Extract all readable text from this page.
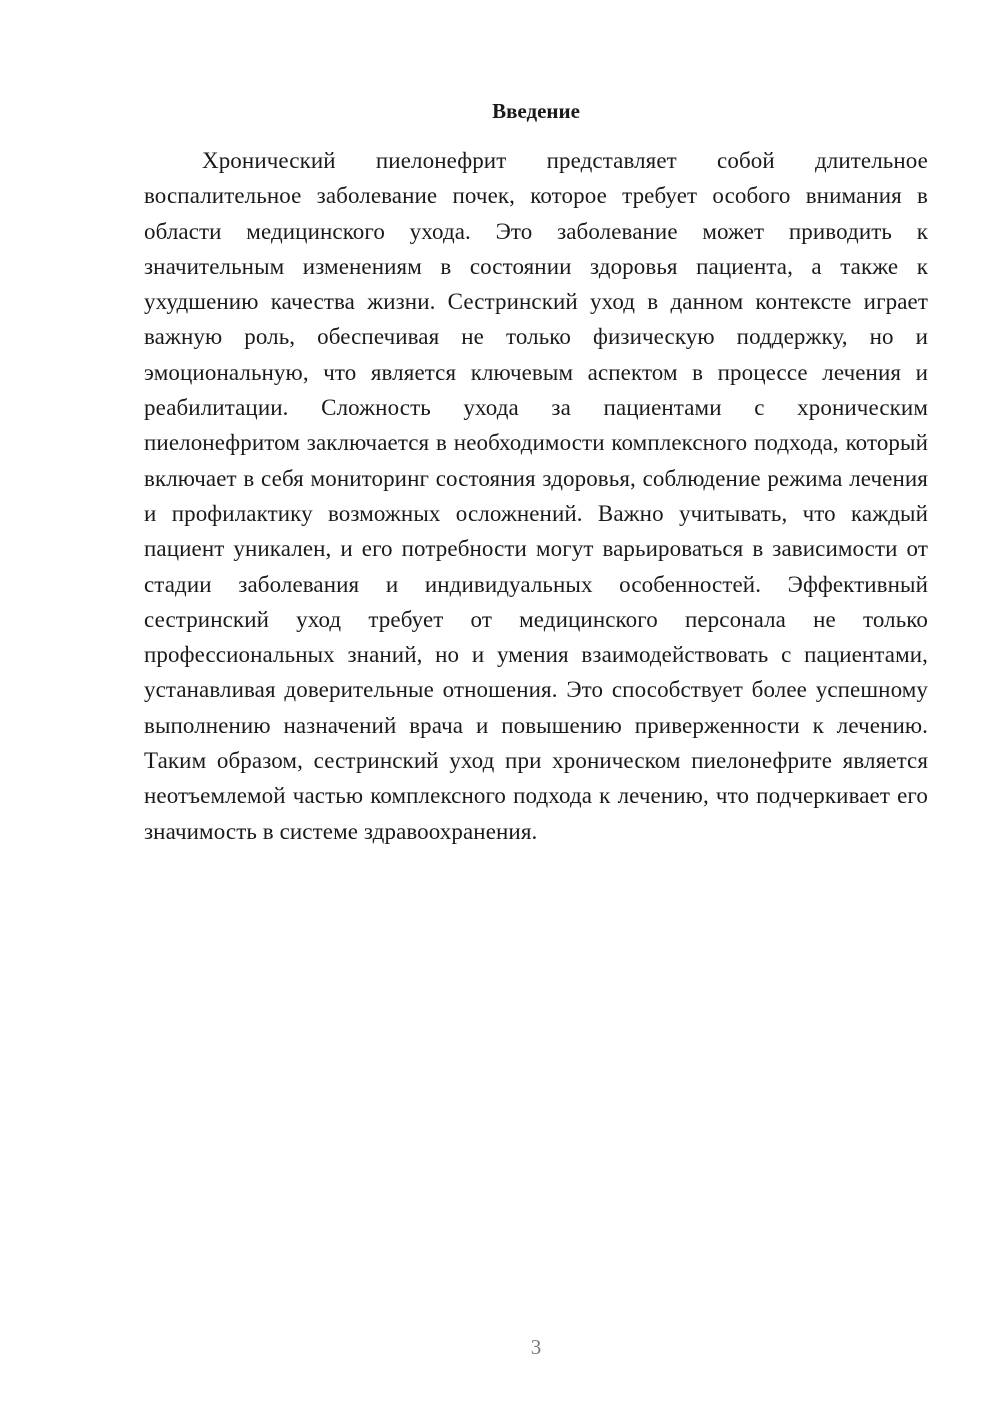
Введение

Хронический пиелонефрит представляет собой длительное воспалительное заболевание почек, которое требует особого внимания в области медицинского ухода. Это заболевание может приводить к значительным изменениям в состоянии здоровья пациента, а также к ухудшению качества жизни. Сестринский уход в данном контексте играет важную роль, обеспечивая не только физическую поддержку, но и эмоциональную, что является ключевым аспектом в процессе лечения и реабилитации. Сложность ухода за пациентами с хроническим пиелонефритом заключается в необходимости комплексного подхода, который включает в себя мониторинг состояния здоровья, соблюдение режима лечения и профилактику возможных осложнений. Важно учитывать, что каждый пациент уникален, и его потребности могут варьироваться в зависимости от стадии заболевания и индивидуальных особенностей. Эффективный сестринский уход требует от медицинского персонала не только профессиональных знаний, но и умения взаимодействовать с пациентами, устанавливая доверительные отношения. Это способствует более успешному выполнению назначений врача и повышению приверженности к лечению. Таким образом, сестринский уход при хроническом пиелонефрите является неотъемлемой частью комплексного подхода к лечению, что подчеркивает его значимость в системе здравоохранения.

3
